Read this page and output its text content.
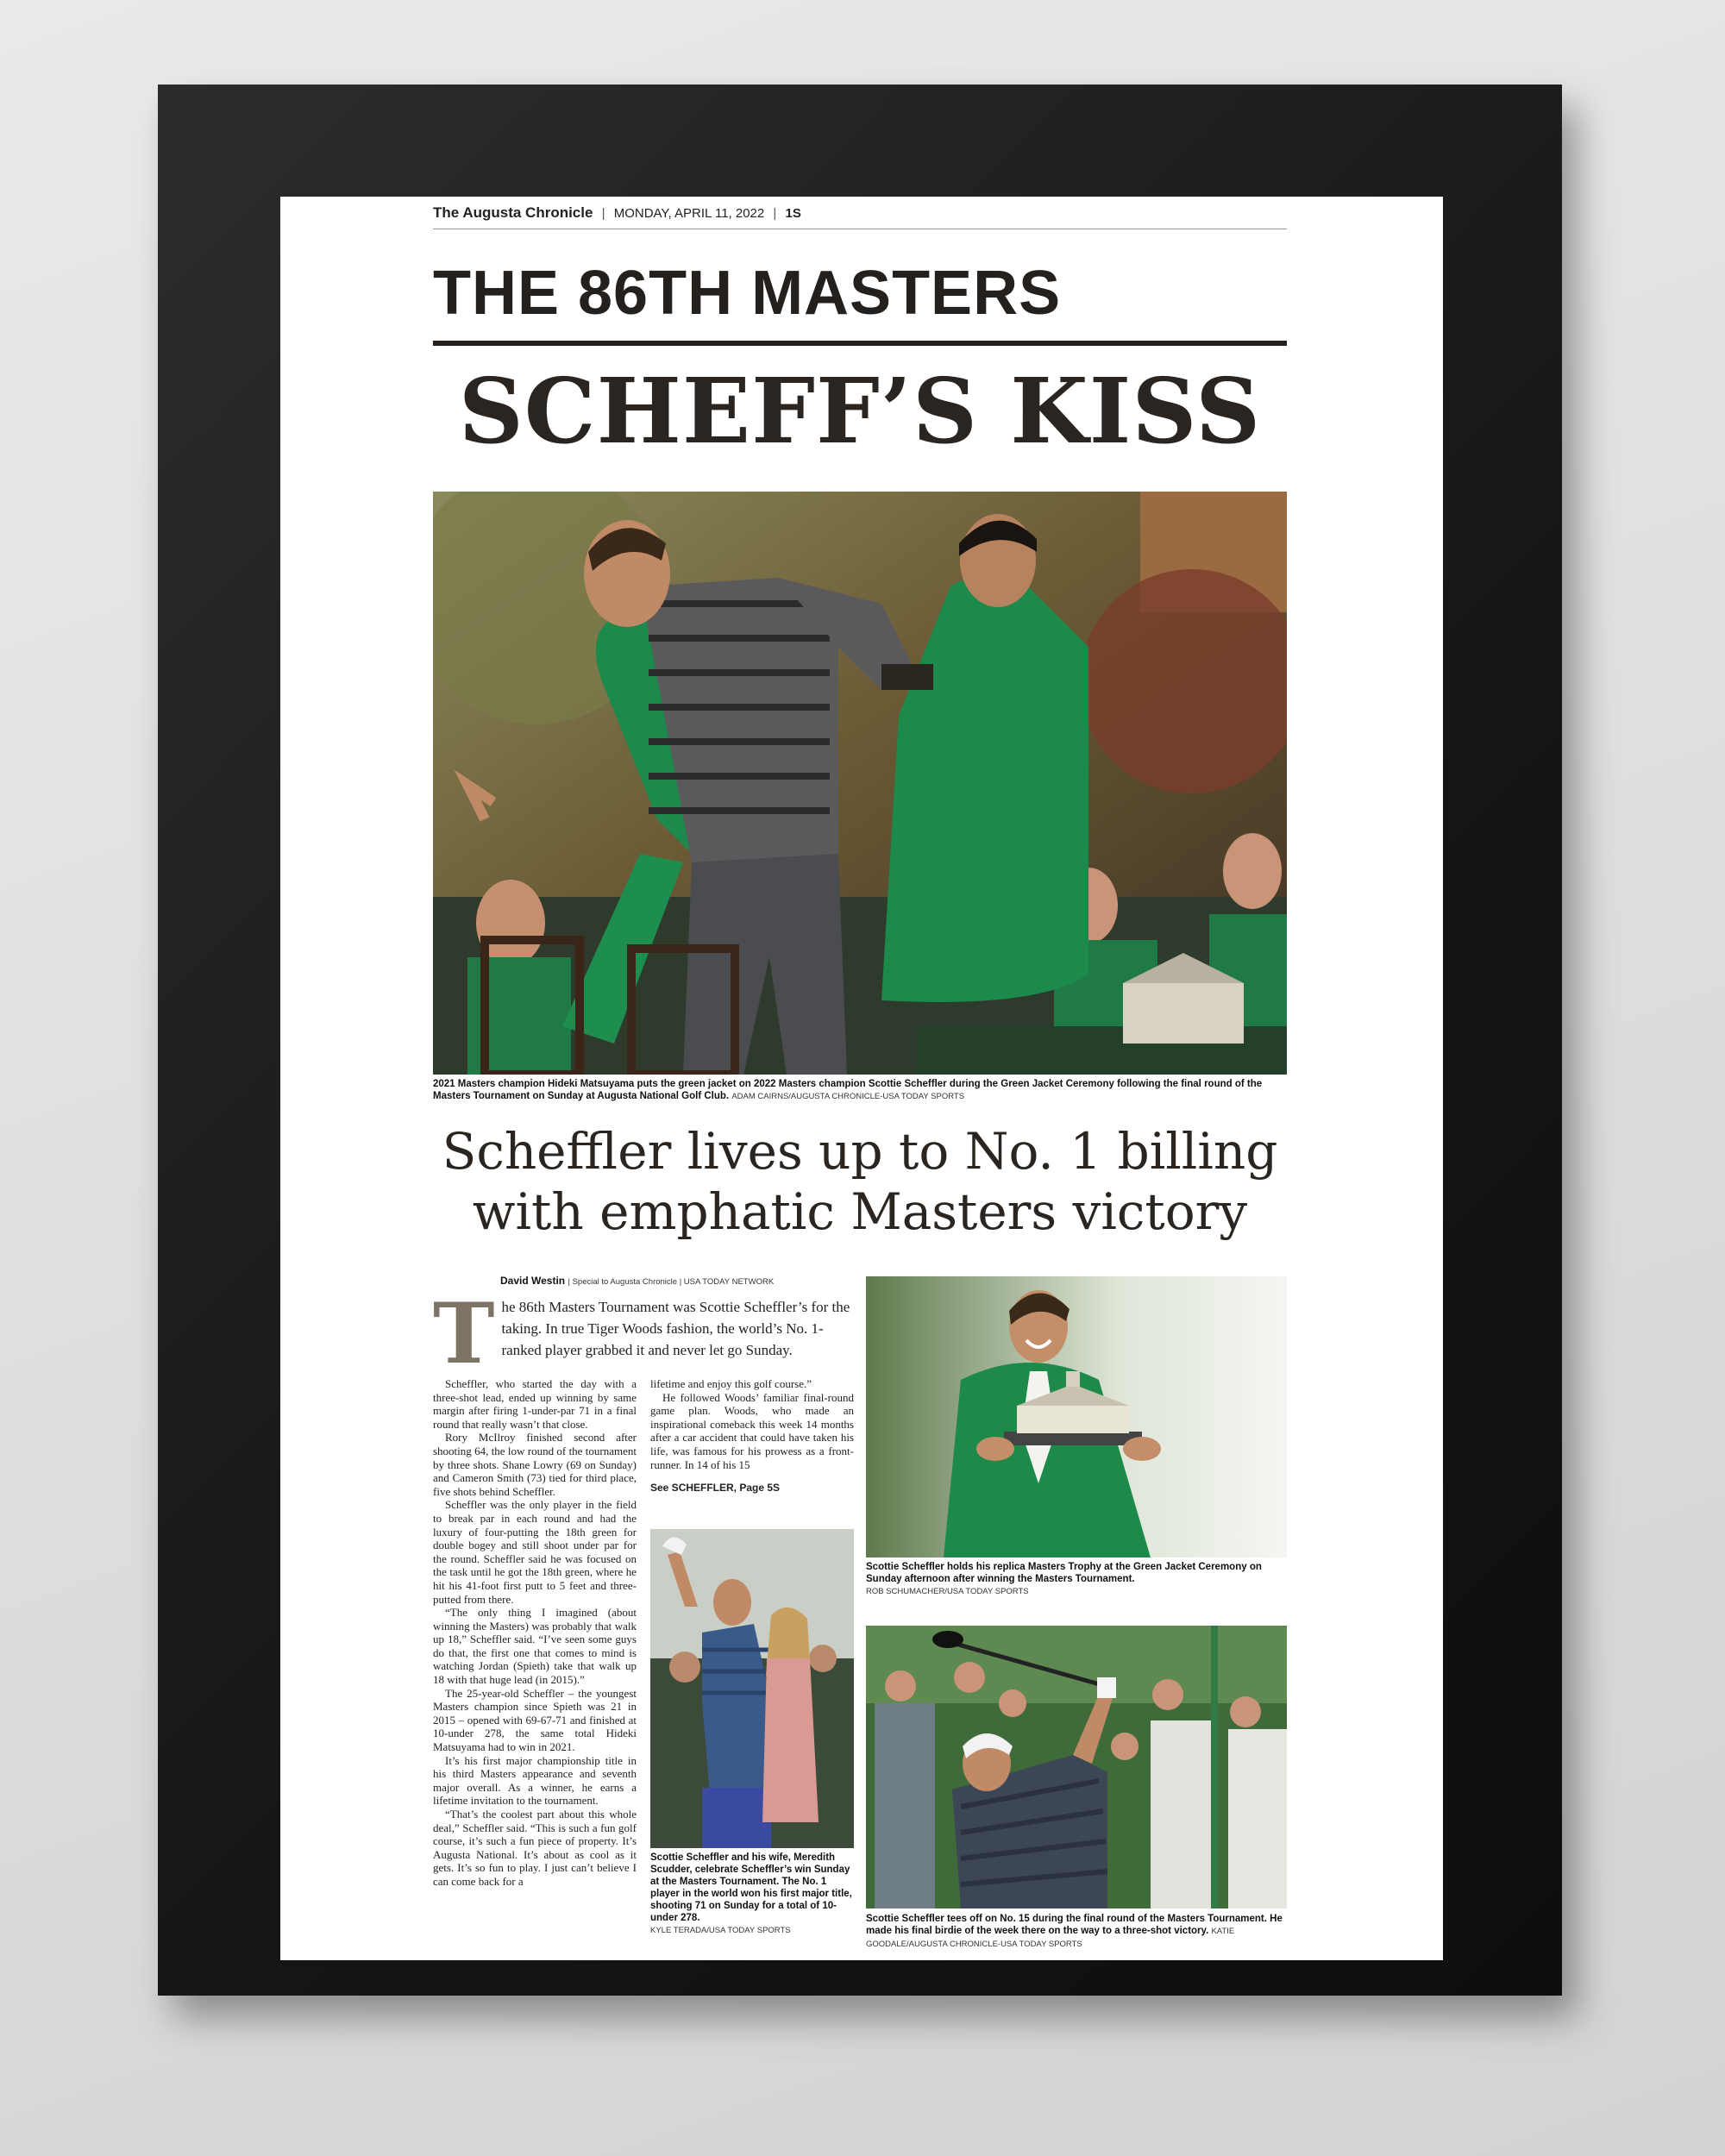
The Augusta Chronicle | MONDAY, APRIL 11, 2022 | 1S
THE 86TH MASTERS
SCHEFF’S KISS
2021 Masters champion Hideki Matsuyama puts the green jacket on 2022 Masters champion Scottie Scheffler during the Green Jacket Ceremony following the final round of the Masters Tournament on Sunday at Augusta National Golf Club. ADAM CAIRNS/AUGUSTA CHRONICLE-USA TODAY SPORTS
Scheffler lives up to No. 1 billing
with emphatic Masters victory
David Westin | Special to Augusta Chronicle | USA TODAY NETWORK
T he 86th Masters Tournament was Scottie Scheffler’s for the taking. In true Tiger Woods fashion, the world’s No. 1-ranked player grabbed it and never let go Sunday.

Scheffler, who started the day with a three-shot lead, ended up winning by same margin after firing 1-under-par 71 in a final round that really wasn’t that close.

Rory McIlroy finished second after shooting 64, the low round of the tournament by three shots. Shane Lowry (69 on Sunday) and Cameron Smith (73) tied for third place, five shots behind Scheffler.

Scheffler was the only player in the field to break par in each round and had the luxury of four-putting the 18th green for double bogey and still shoot under par for the round. Scheffler said he was focused on the task until he got the 18th green, where he hit his 41-foot first putt to 5 feet and three-putted from there.

“The only thing I imagined (about winning the Masters) was probably that walk up 18,” Scheffler said. “I’ve seen some guys do that, the first one that comes to mind is watching Jordan (Spieth) take that walk up 18 with that huge lead (in 2015).”

The 25-year-old Scheffler – the youngest Masters champion since Spieth was 21 in 2015 – opened with 69-67-71 and finished at 10-under 278, the same total Hideki Matsuyama had to win in 2021.

It’s his first major championship title in his third Masters appearance and seventh major overall. As a winner, he earns a lifetime invitation to the tournament.

“That’s the coolest part about this whole deal,” Scheffler said. “This is such a fun golf course, it’s such a fun piece of property. It’s Augusta National. It’s about as cool as it gets. It’s so fun to play. I just can’t believe I can come back for a

lifetime and enjoy this golf course.”

He followed Woods’ familiar final-round game plan. Woods, who made an inspirational comeback this week 14 months after a car accident that could have taken his life, was famous for his prowess as a front-runner. In 14 of his 15

See SCHEFFLER, Page 5S

Scottie Scheffler and his wife, Meredith Scudder, celebrate Scheffler’s win Sunday at the Masters Tournament. The No. 1 player in the world won his first major title, shooting 71 on Sunday for a total of 10-under 278.
KYLE TERADA/USA TODAY SPORTS
Scottie Scheffler holds his replica Masters Trophy at the Green Jacket Ceremony on Sunday afternoon after winning the Masters Tournament.
ROB SCHUMACHER/USA TODAY SPORTS
Scottie Scheffler tees off on No. 15 during the final round of the Masters Tournament. He made his final birdie of the week there on the way to a three-shot victory. KATIE GOODALE/AUGUSTA CHRONICLE-USA TODAY SPORTS
